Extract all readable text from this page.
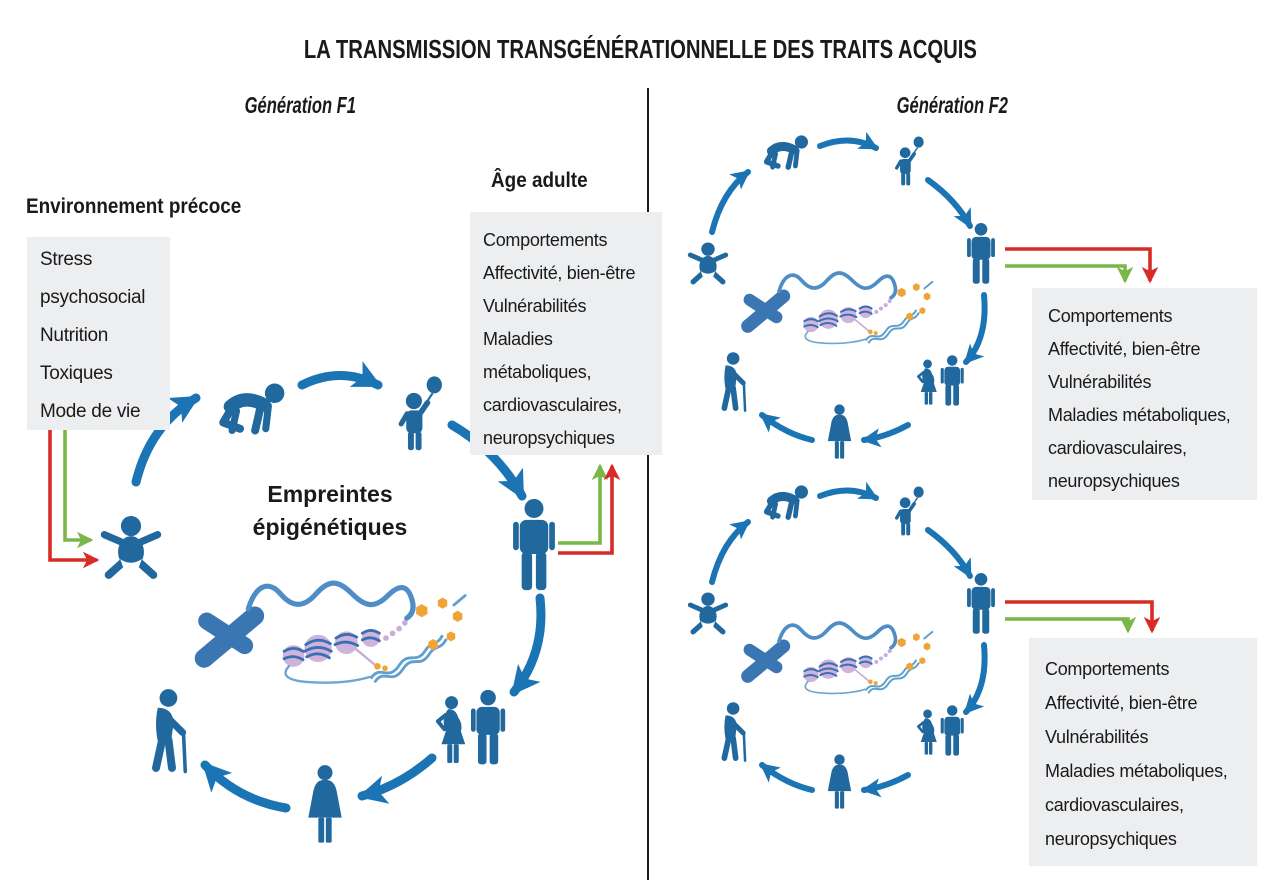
LA TRANSMISSION TRANSGÉNÉRATIONNELLE DES TRAITS ACQUIS
Génération F1	Génération F2
Environnement précoce
Stress psychosocial
Nutrition
Toxiques
Mode de vie
Âge adulte
Comportements
Affectivité, bien-être
Vulnérabilités
Maladies métaboliques, cardiovasculaires, neuropsychiques
Empreintes épigénétiques
Comportements
Affectivité, bien-être
Vulnérabilités
Maladies métaboliques, cardiovasculaires, neuropsychiques
Comportements
Affectivité, bien-être
Vulnérabilités
Maladies métaboliques, cardiovasculaires, neuropsychiques
